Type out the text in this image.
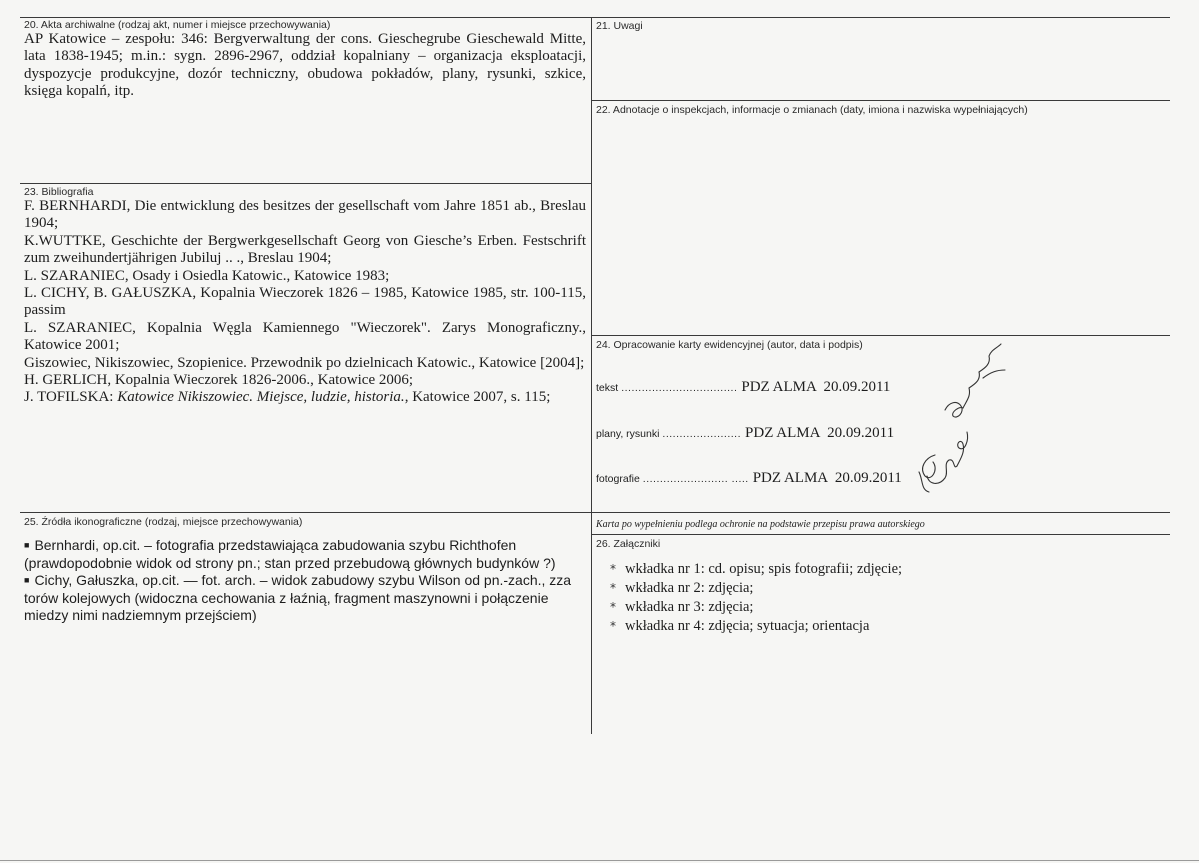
20. Akta archiwalne (rodzaj akt, numer i miejsce przechowywania)
AP Katowice – zespołu: 346: Bergverwaltung der cons. Gieschegrube Gieschewald Mitte, lata 1838-1945; m.in.: sygn. 2896-2967, oddział kopalniany – organizacja eksploatacji, dyspozycje produkcyjne, dozór techniczny, obudowa pokładów, plany, rysunki, szkice, księga kopalń, itp.
21. Uwagi
22. Adnotacje o inspekcjach, informacje o zmianach (daty, imiona i nazwiska wypełniających)
23. Bibliografia

F. BERNHARDI, Die entwicklung des besitzes der gesellschaft vom Jahre 1851 ab., Breslau 1904;

K.WUTTKE, Geschichte der Bergwerkgesellschaft Georg von Giesche’s Erben. Festschrift zum zweihundertjährigen Jubiluj .. ., Breslau 1904;

L. SZARANIEC, Osady i Osiedla Katowic., Katowice 1983;

L. CICHY, B. GAŁUSZKA, Kopalnia Wieczorek 1826 – 1985, Katowice 1985, str. 100-115, passim

L. SZARANIEC, Kopalnia Węgla Kamiennego "Wieczorek". Zarys Monograficzny., Katowice 2001;

Giszowiec, Nikiszowiec, Szopienice. Przewodnik po dzielnicach Katowic., Katowice [2004];

H. GERLICH, Kopalnia Wieczorek 1826-2006., Katowice 2006;

J. TOFILSKA: Katowice Nikiszowiec. Miejsce, ludzie, historia., Katowice 2007, s. 115;

24. Opracowanie karty ewidencyjnej (autor, data i podpis)
tekst .................................. PDZ ALMA  20.09.2011
plany, rysunki ....................... PDZ ALMA  20.09.2011
fotografie ......................... ..... PDZ ALMA  20.09.2011
Karta po wypełnieniu podlega ochronie na podstawie przepisu prawa autorskiego
25. Źródła ikonograficzne (rodzaj, miejsce przechowywania)

■ Bernhardi, op.cit. – fotografia przedstawiająca zabudowania szybu Richthofen (prawdopodobnie widok od strony pn.; stan przed przebudową głównych budynków ?)

■ Cichy, Gałuszka, op.cit. — fot. arch. – widok zabudowy szybu Wilson od pn.-zach., zza torów kolejowych (widoczna cechowania z łaźnią, fragment maszynowni i połączenie miedzy nimi nadziemnym przejściem)

26. Załączniki
* wkładka nr 1: cd. opisu; spis fotografii; zdjęcie;
* wkładka nr 2: zdjęcia;
* wkładka nr 3: zdjęcia;
* wkładka nr 4: zdjęcia; sytuacja; orientacja
